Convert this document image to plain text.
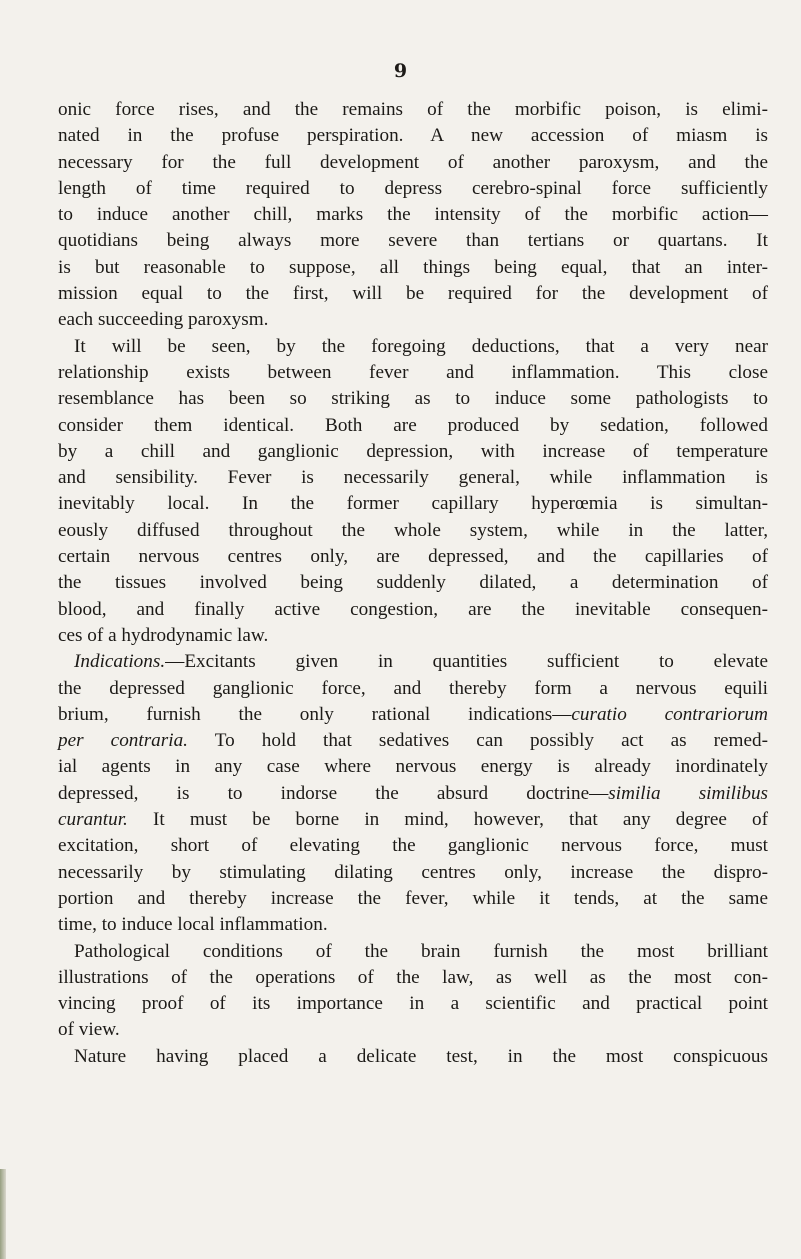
9
onic force rises, and the remains of the morbific poison, is elimi-
nated in the profuse perspiration. A new accession of miasm is
necessary for the full development of another paroxysm, and the
length of time required to depress cerebro-spinal force sufficiently
to induce another chill, marks the intensity of the morbific action—
quotidians being always more severe than tertians or quartans. It
is but reasonable to suppose, all things being equal, that an inter-
mission equal to the first, will be required for the development of
each succeeding paroxysm.
It will be seen, by the foregoing deductions, that a very near
relationship exists between fever and inflammation. This close
resemblance has been so striking as to induce some pathologists to
consider them identical. Both are produced by sedation, followed
by a chill and ganglionic depression, with increase of temperature
and sensibility. Fever is necessarily general, while inflammation is
inevitably local. In the former capillary hyperœmia is simultan-
eously diffused throughout the whole system, while in the latter,
certain nervous centres only, are depressed, and the capillaries of
the tissues involved being suddenly dilated, a determination of
blood, and finally active congestion, are the inevitable consequen-
ces of a hydrodynamic law.
Indications.—Excitants given in quantities sufficient to elevate
the depressed ganglionic force, and thereby form a nervous equili
brium, furnish the only rational indications—curatio contrariorum
per contraria. To hold that sedatives can possibly act as remed-
ial agents in any case where nervous energy is already inordinately
depressed, is to indorse the absurd doctrine—similia similibus
curantur. It must be borne in mind, however, that any degree of
excitation, short of elevating the ganglionic nervous force, must
necessarily by stimulating dilating centres only, increase the dispro-
portion and thereby increase the fever, while it tends, at the same
time, to induce local inflammation.
Pathological conditions of the brain furnish the most brilliant
illustrations of the operations of the law, as well as the most con-
vincing proof of its importance in a scientific and practical point
of view.
Nature having placed a delicate test, in the most conspicuous
